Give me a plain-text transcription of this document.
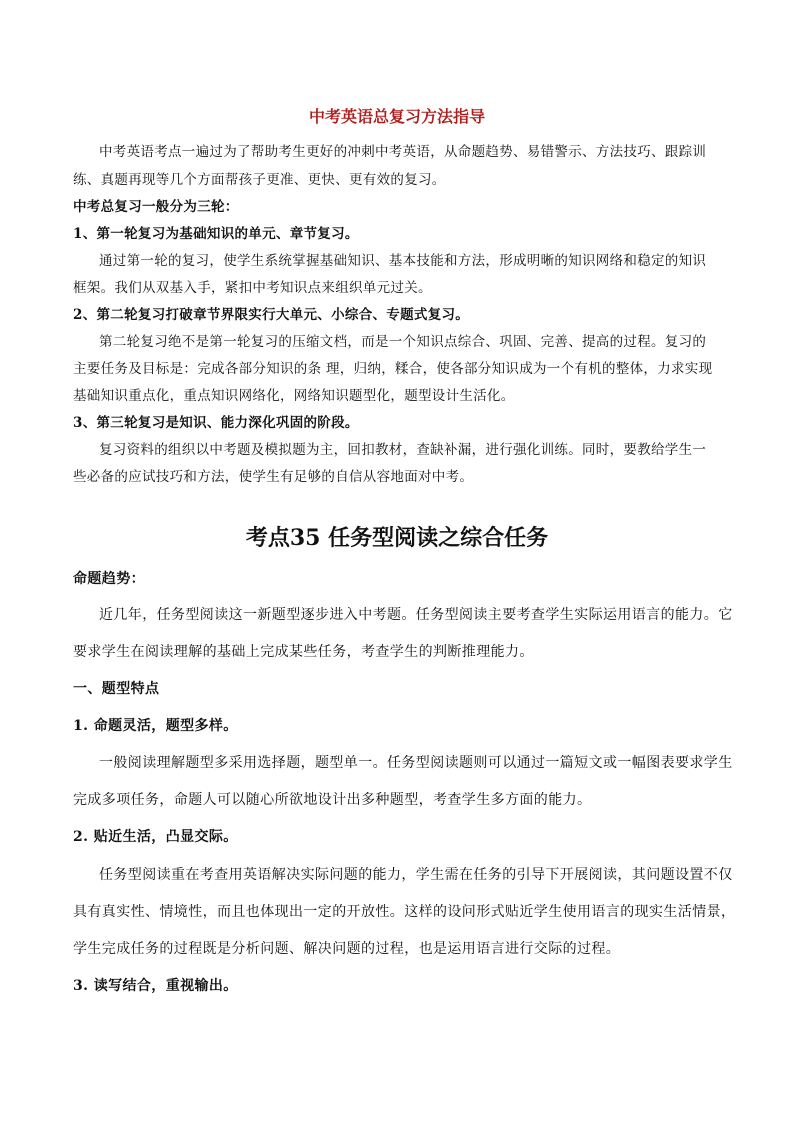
中考英语总复习方法指导
中考英语考点一遍过为了帮助考生更好的冲刺中考英语，从命题趋势、易错警示、方法技巧、跟踪训
练、真题再现等几个方面帮孩子更准、更快、更有效的复习。
中考总复习一般分为三轮：
1、第一轮复习为基础知识的单元、章节复习。
通过第一轮的复习，使学生系统掌握基础知识、基本技能和方法，形成明晰的知识网络和稳定的知识
框架。我们从双基入手，紧扣中考知识点来组织单元过关。
2、第二轮复习打破章节界限实行大单元、小综合、专题式复习。
第二轮复习绝不是第一轮复习的压缩文档，而是一个知识点综合、巩固、完善、提高的过程。复习的
主要任务及目标是：完成各部分知识的条 理，归纳，糅合，使各部分知识成为一个有机的整体，力求实现
基础知识重点化，重点知识网络化，网络知识题型化，题型设计生活化。
3、第三轮复习是知识、能力深化巩固的阶段。
复习资料的组织以中考题及模拟题为主，回扣教材，查缺补漏，进行强化训练。同时，要教给学生一
些必备的应试技巧和方法，使学生有足够的自信从容地面对中考。
考点35 任务型阅读之综合任务
命题趋势：
近几年，任务型阅读这一新题型逐步进入中考题。任务型阅读主要考查学生实际运用语言的能力。它
要求学生在阅读理解的基础上完成某些任务，考查学生的判断推理能力。
一、题型特点
1. 命题灵活，题型多样。
一般阅读理解题型多采用选择题，题型单一。任务型阅读题则可以通过一篇短文或一幅图表要求学生
完成多项任务，命题人可以随心所欲地设计出多种题型，考查学生多方面的能力。
2. 贴近生活，凸显交际。
任务型阅读重在考查用英语解决实际问题的能力，学生需在任务的引导下开展阅读，其问题设置不仅
具有真实性、情境性，而且也体现出一定的开放性。这样的设问形式贴近学生使用语言的现实生活情景，
学生完成任务的过程既是分析问题、解决问题的过程，也是运用语言进行交际的过程。
3. 读写结合，重视输出。
